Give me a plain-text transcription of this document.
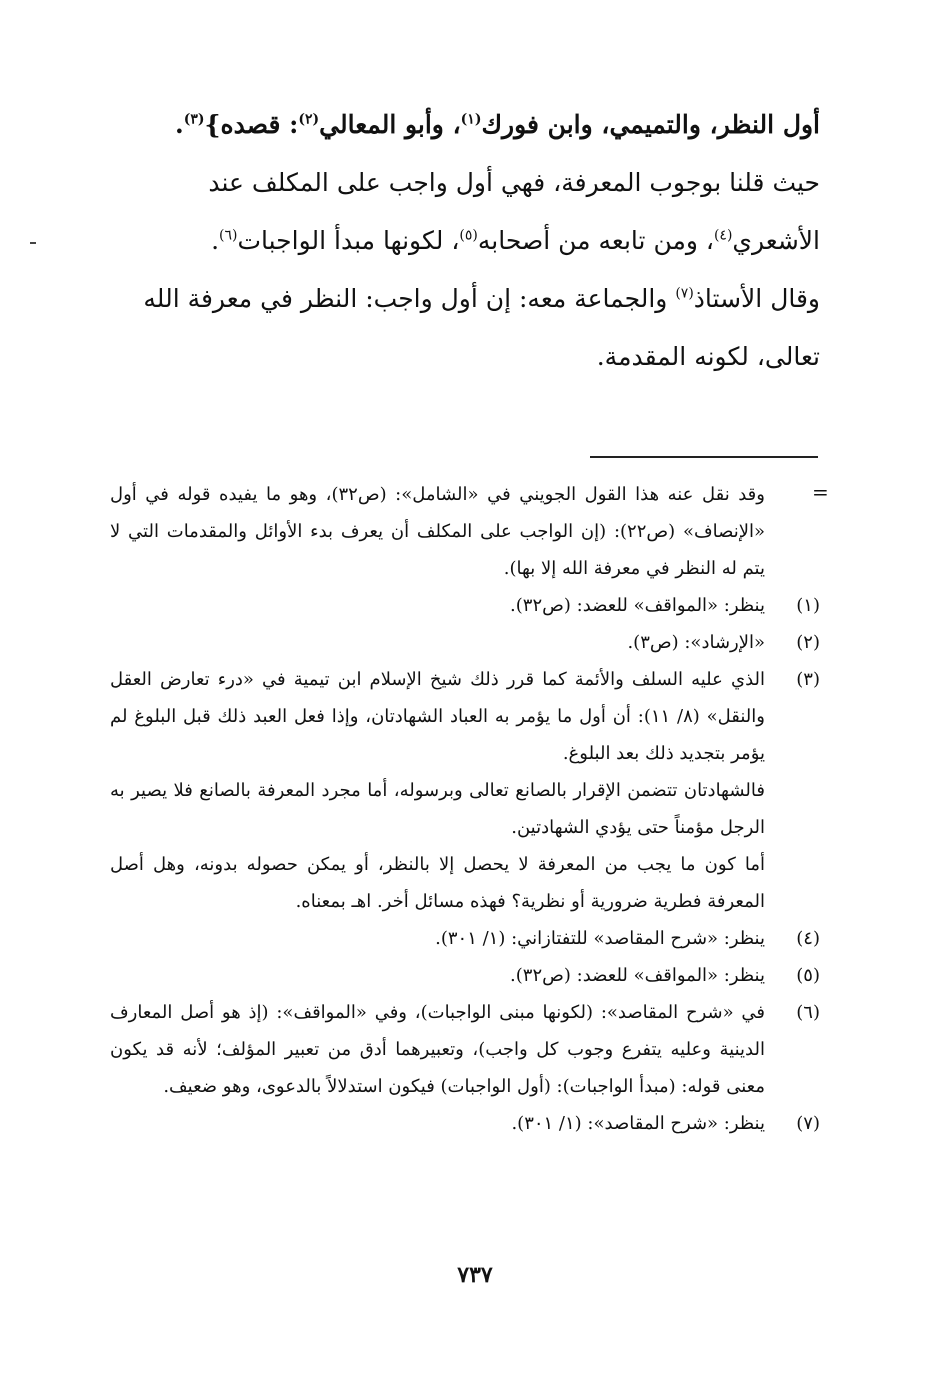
أول النظر، والتميمي، وابن فورك$^{(١)}$، وأبو المعالي$^{(٢)}$: قصده}$^{(٣)}$.

حيث قلنا بوجوب المعرفة، فهي أول واجب على المكلف عند

الأشعري$^{(٤)}$، ومن تابعه من أصحابه$^{(٥)}$، لكونها مبدأ الواجبات$^{(٦)}$.

وقال الأستاذ$^{(٧)}$ والجماعة معه: إن أول واجب: النظر في معرفة الله

تعالى، لكونه المقدمة.

=

وقد نقل عنه هذا القول الجويني في «الشامل»: (ص٣٢)، وهو ما يفيده قوله في أول «الإنصاف» (ص٢٢): (إن الواجب على المكلف أن يعرف بدء الأوائل والمقدمات التي لا يتم له النظر في معرفة الله إلا بها).

(١)

ينظر: «المواقف» للعضد: (ص٣٢).

(٢)

«الإرشاد»: (ص٣).

(٣)

الذي عليه السلف والأئمة كما قرر ذلك شيخ الإسلام ابن تيمية في «درء تعارض العقل والنقل» (٨/ ١١): أن أول ما يؤمر به العباد الشهادتان، وإذا فعل العبد ذلك قبل البلوغ لم يؤمر بتجديد ذلك بعد البلوغ.

فالشهادتان تتضمن الإقرار بالصانع تعالى وبرسوله، أما مجرد المعرفة بالصانع فلا يصير به الرجل مؤمناً حتى يؤدي الشهادتين.

أما كون ما يجب من المعرفة لا يحصل إلا بالنظر، أو يمكن حصوله بدونه، وهل أصل المعرفة فطرية ضرورية أو نظرية؟ فهذه مسائل أخر. اهـ بمعناه.

(٤)

ينظر: «شرح المقاصد» للتفتازاني: (١/ ٣٠١).

(٥)

ينظر: «المواقف» للعضد: (ص٣٢).

(٦)

في «شرح المقاصد»: (لكونها مبنى الواجبات)، وفي «المواقف»: (إذ هو أصل المعارف الدينية وعليه يتفرع وجوب كل واجب)، وتعبيرهما أدق من تعبير المؤلف؛ لأنه قد يكون معنى قوله: (مبدأ الواجبات): (أول الواجبات) فيكون استدلالاً بالدعوى، وهو ضعيف.

(٧)

ينظر: «شرح المقاصد»: (١/ ٣٠١).

٧٣٧
